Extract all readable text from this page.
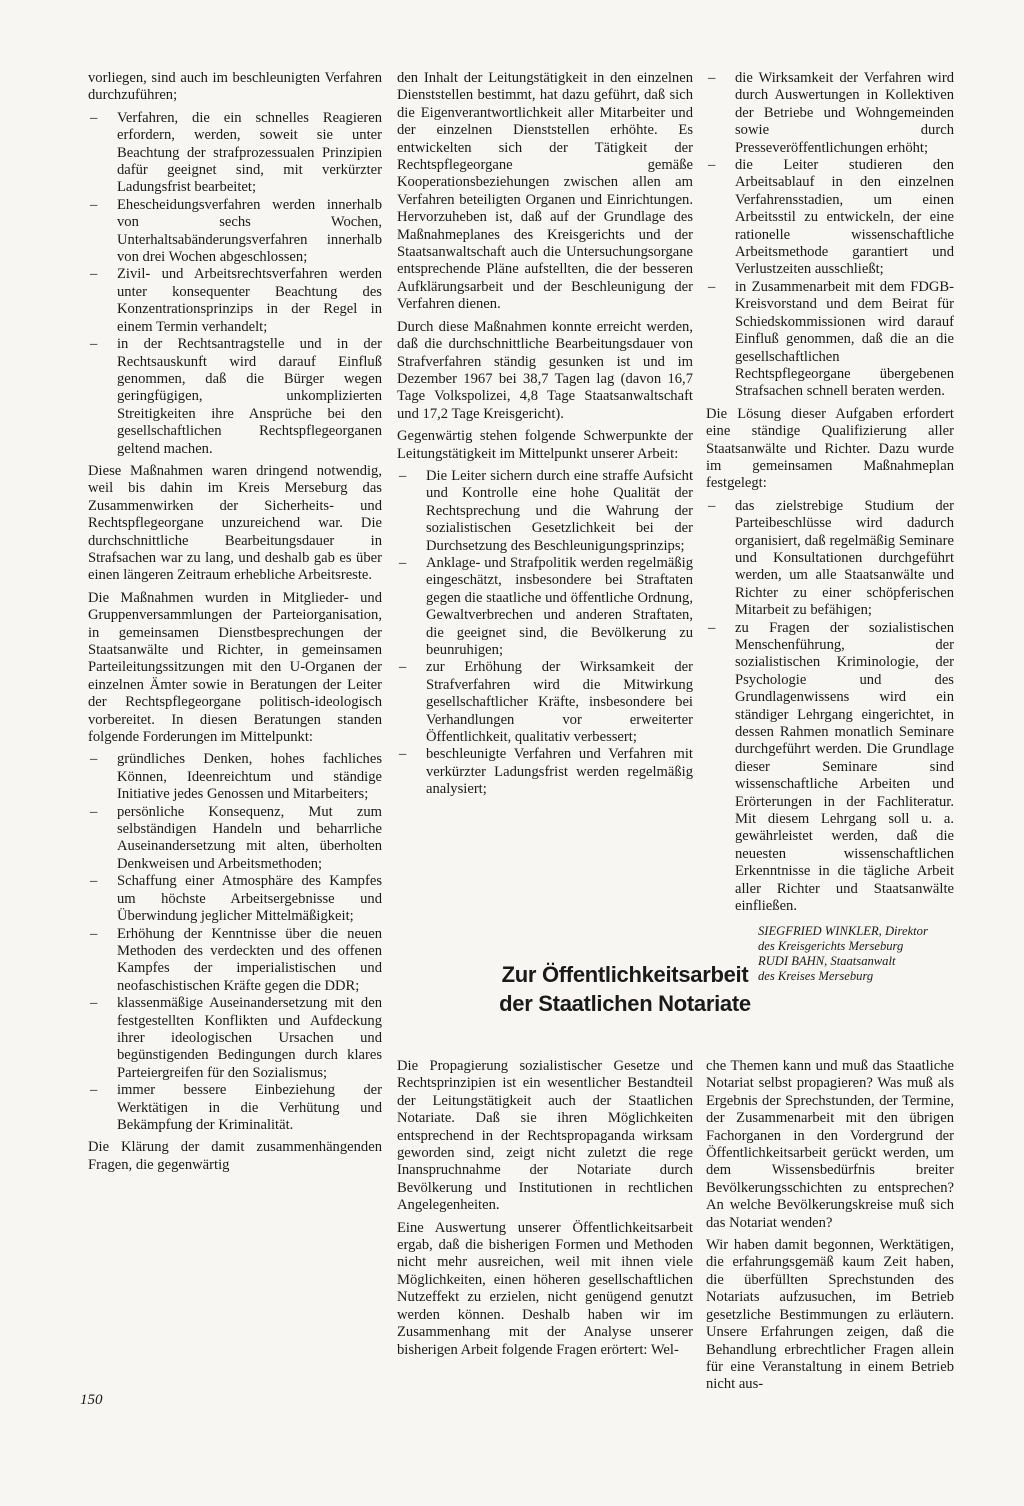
vorliegen, sind auch im beschleunigten Verfahren durchzuführen;

– Verfahren, die ein schnelles Reagieren erfordern, werden, soweit sie unter Beachtung der strafprozessualen Prinzipien dafür geeignet sind, mit verkürzter Ladungsfrist bearbeitet;
– Ehescheidungsverfahren werden innerhalb von sechs Wochen, Unterhaltsabänderungsverfahren innerhalb von drei Wochen abgeschlossen;
– Zivil- und Arbeitsrechtsverfahren werden unter konsequenter Beachtung des Konzentrationsprinzips in der Regel in einem Termin verhandelt;
– in der Rechtsantragstelle und in der Rechtsauskunft wird darauf Einfluß genommen, daß die Bürger wegen geringfügigen, unkomplizierten Streitigkeiten ihre Ansprüche bei den gesellschaftlichen Rechtspflegeorganen geltend machen.

Diese Maßnahmen waren dringend notwendig, weil bis dahin im Kreis Merseburg das Zusammenwirken der Sicherheits- und Rechtspflegeorgane unzureichend war. Die durchschnittliche Bearbeitungsdauer in Strafsachen war zu lang, und deshalb gab es über einen längeren Zeitraum erhebliche Arbeitsreste.

Die Maßnahmen wurden in Mitglieder- und Gruppenversammlungen der Parteiorganisation, in gemeinsamen Dienstbesprechungen der Staatsanwälte und Richter, in gemeinsamen Parteileitungssitzungen mit den U-Organen der einzelnen Ämter sowie in Beratungen der Leiter der Rechtspflegeorgane politisch-ideologisch vorbereitet. In diesen Beratungen standen folgende Forderungen im Mittelpunkt:

– gründliches Denken, hohes fachliches Können, Ideenreichtum und ständige Initiative jedes Genossen und Mitarbeiters;
– persönliche Konsequenz, Mut zum selbständigen Handeln und beharrliche Auseinandersetzung mit alten, überholten Denkweisen und Arbeitsmethoden;
– Schaffung einer Atmosphäre des Kampfes um höchste Arbeitsergebnisse und Überwindung jeglicher Mittelmäßigkeit;
– Erhöhung der Kenntnisse über die neuen Methoden des verdeckten und des offenen Kampfes der imperialistischen und neofaschistischen Kräfte gegen die DDR;
– klassenmäßige Auseinandersetzung mit den festgestellten Konflikten und Aufdeckung ihrer ideologischen Ursachen und begünstigenden Bedingungen durch klares Parteiergreifen für den Sozialismus;
– immer bessere Einbeziehung der Werktätigen in die Verhütung und Bekämpfung der Kriminalität.

Die Klärung der damit zusammenhängenden Fragen, die gegenwärtig

den Inhalt der Leitungstätigkeit in den einzelnen Dienststellen bestimmt, hat dazu geführt, daß sich die Eigenverantwortlichkeit aller Mitarbeiter und der einzelnen Dienststellen erhöhte. Es entwickelten sich der Tätigkeit der Rechtspflegeorgane gemäße Kooperationsbeziehungen zwischen allen am Verfahren beteiligten Organen und Einrichtungen. Hervorzuheben ist, daß auf der Grundlage des Maßnahmeplanes des Kreisgerichts und der Staatsanwaltschaft auch die Untersuchungsorgane entsprechende Pläne aufstellten, die der besseren Aufklärungsarbeit und der Beschleunigung der Verfahren dienen.

Durch diese Maßnahmen konnte erreicht werden, daß die durchschnittliche Bearbeitungsdauer von Strafverfahren ständig gesunken ist und im Dezember 1967 bei 38,7 Tagen lag (davon 16,7 Tage Volkspolizei, 4,8 Tage Staatsanwaltschaft und 17,2 Tage Kreisgericht).

Gegenwärtig stehen folgende Schwerpunkte der Leitungstätigkeit im Mittelpunkt unserer Arbeit:

– Die Leiter sichern durch eine straffe Aufsicht und Kontrolle eine hohe Qualität der Rechtsprechung und die Wahrung der sozialistischen Gesetzlichkeit bei der Durchsetzung des Beschleunigungsprinzips;
– Anklage- und Strafpolitik werden regelmäßig eingeschätzt, insbesondere bei Straftaten gegen die staatliche und öffentliche Ordnung, Gewaltverbrechen und anderen Straftaten, die geeignet sind, die Bevölkerung zu beunruhigen;
– zur Erhöhung der Wirksamkeit der Strafverfahren wird die Mitwirkung gesellschaftlicher Kräfte, insbesondere bei Verhandlungen vor erweiterter Öffentlichkeit, qualitativ verbessert;
– beschleunigte Verfahren und Verfahren mit verkürzter Ladungsfrist werden regelmäßig analysiert;
– die Wirksamkeit der Verfahren wird durch Auswertungen in Kollektiven der Betriebe und Wohngemeinden sowie durch Presseveröffentlichungen erhöht;
– die Leiter studieren den Arbeitsablauf in den einzelnen Verfahrensstadien, um einen Arbeitsstil zu entwickeln, der eine rationelle wissenschaftliche Arbeitsmethode garantiert und Verlustzeiten ausschließt;
– in Zusammenarbeit mit dem FDGB-Kreisvorstand und dem Beirat für Schiedskommissionen wird darauf Einfluß genommen, daß die an die gesellschaftlichen Rechtspflegeorgane übergebenen Strafsachen schnell beraten werden.

Die Lösung dieser Aufgaben erfordert eine ständige Qualifizierung aller Staatsanwälte und Richter. Dazu wurde im gemeinsamen Maßnahmeplan festgelegt:

– das zielstrebige Studium der Parteibeschlüsse wird dadurch organisiert, daß regelmäßig Seminare und Konsultationen durchgeführt werden, um alle Staatsanwälte und Richter zu einer schöpferischen Mitarbeit zu befähigen;
– zu Fragen der sozialistischen Menschenführung, der sozialistischen Kriminologie, der Psychologie und des Grundlagenwissens wird ein ständiger Lehrgang eingerichtet, in dessen Rahmen monatlich Seminare durchgeführt werden. Die Grundlage dieser Seminare sind wissenschaftliche Arbeiten und Erörterungen in der Fachliteratur. Mit diesem Lehrgang soll u. a. gewährleistet werden, daß die neuesten wissenschaftlichen Erkenntnisse in die tägliche Arbeit aller Richter und Staatsanwälte einfließen.
SIEGFRIED WINKLER, Direktor
des Kreisgerichts Merseburg
RUDI BAHN, Staatsanwalt
des Kreises Merseburg
Zur Öffentlichkeitsarbeit
der Staatlichen Notariate

Die Propagierung sozialistischer Gesetze und Rechtsprinzipien ist ein wesentlicher Bestandteil der Leitungstätigkeit auch der Staatlichen Notariate. Daß sie ihren Möglichkeiten entsprechend in der Rechtspropaganda wirksam geworden sind, zeigt nicht zuletzt die rege Inanspruchnahme der Notariate durch Bevölkerung und Institutionen in rechtlichen Angelegenheiten.

Eine Auswertung unserer Öffentlichkeitsarbeit ergab, daß die bisherigen Formen und Methoden nicht mehr ausreichen, weil mit ihnen viele Möglichkeiten, einen höheren gesellschaftlichen Nutzeffekt zu erzielen, nicht genügend genutzt werden können. Deshalb haben wir im Zusammenhang mit der Analyse unserer bisherigen Arbeit folgende Fragen erörtert: Wel-

che Themen kann und muß das Staatliche Notariat selbst propagieren? Was muß als Ergebnis der Sprechstunden, der Termine, der Zusammenarbeit mit den übrigen Fachorganen in den Vordergrund der Öffentlichkeitsarbeit gerückt werden, um dem Wissensbedürfnis breiter Bevölkerungsschichten zu entsprechen? An welche Bevölkerungskreise muß sich das Notariat wenden?

Wir haben damit begonnen, Werktätigen, die erfahrungsgemäß kaum Zeit haben, die überfüllten Sprechstunden des Notariats aufzusuchen, im Betrieb gesetzliche Bestimmungen zu erläutern. Unsere Erfahrungen zeigen, daß die Behandlung erbrechtlicher Fragen allein für eine Veranstaltung in einem Betrieb nicht aus-

150
